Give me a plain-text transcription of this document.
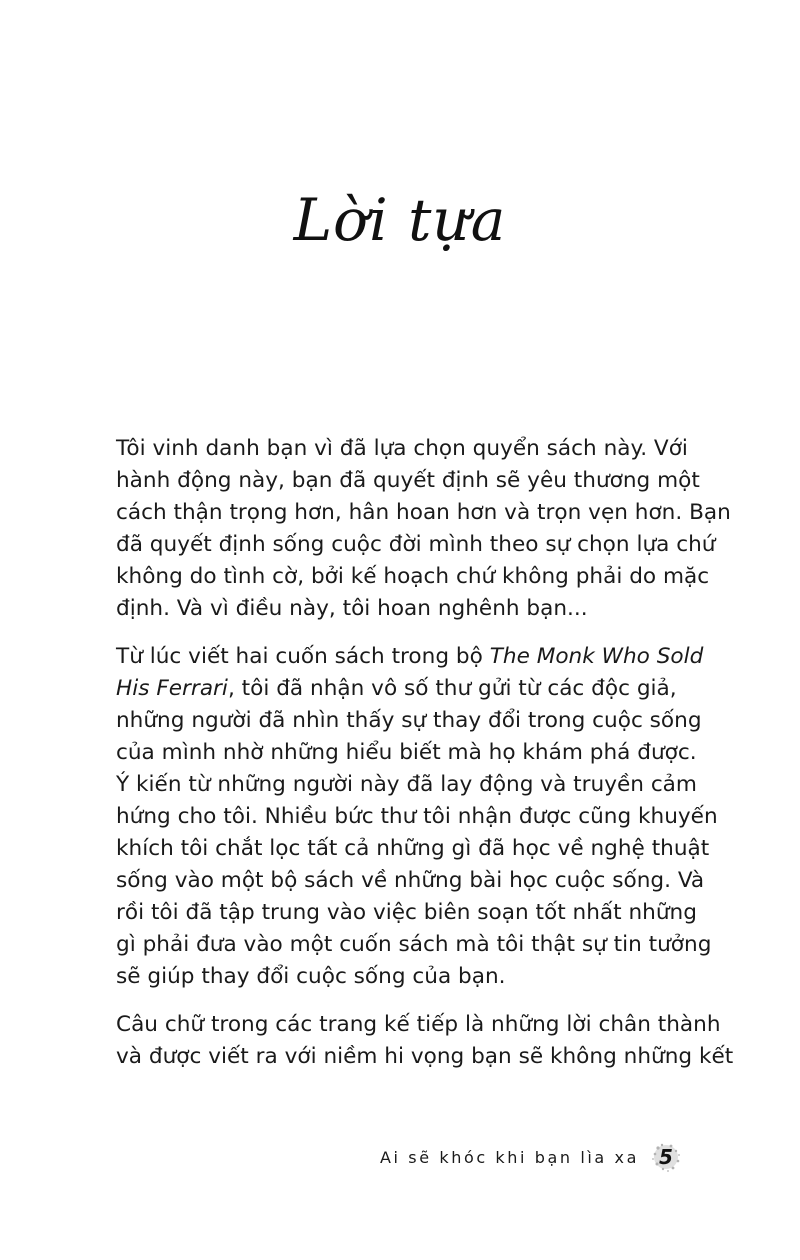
Lời tựa

Tôi vinh danh bạn vì đã lựa chọn quyển sách này. Với
hành động này, bạn đã quyết định sẽ yêu thương một
cách thận trọng hơn, hân hoan hơn và trọn vẹn hơn. Bạn
đã quyết định sống cuộc đời mình theo sự chọn lựa chứ
không do tình cờ, bởi kế hoạch chứ không phải do mặc
định. Và vì điều này, tôi hoan nghênh bạn...

Từ lúc viết hai cuốn sách trong bộ The Monk Who Sold
His Ferrari, tôi đã nhận vô số thư gửi từ các độc giả,
những người đã nhìn thấy sự thay đổi trong cuộc sống
của mình nhờ những hiểu biết mà họ khám phá được.
Ý kiến từ những người này đã lay động và truyền cảm
hứng cho tôi. Nhiều bức thư tôi nhận được cũng khuyến
khích tôi chắt lọc tất cả những gì đã học về nghệ thuật
sống vào một bộ sách về những bài học cuộc sống. Và
rồi tôi đã tập trung vào việc biên soạn tốt nhất những
gì phải đưa vào một cuốn sách mà tôi thật sự tin tưởng
sẽ giúp thay đổi cuộc sống của bạn.

Câu chữ trong các trang kế tiếp là những lời chân thành
và được viết ra với niềm hi vọng bạn sẽ không những kết

Ai sẽ khóc khi bạn lìa xa	5
